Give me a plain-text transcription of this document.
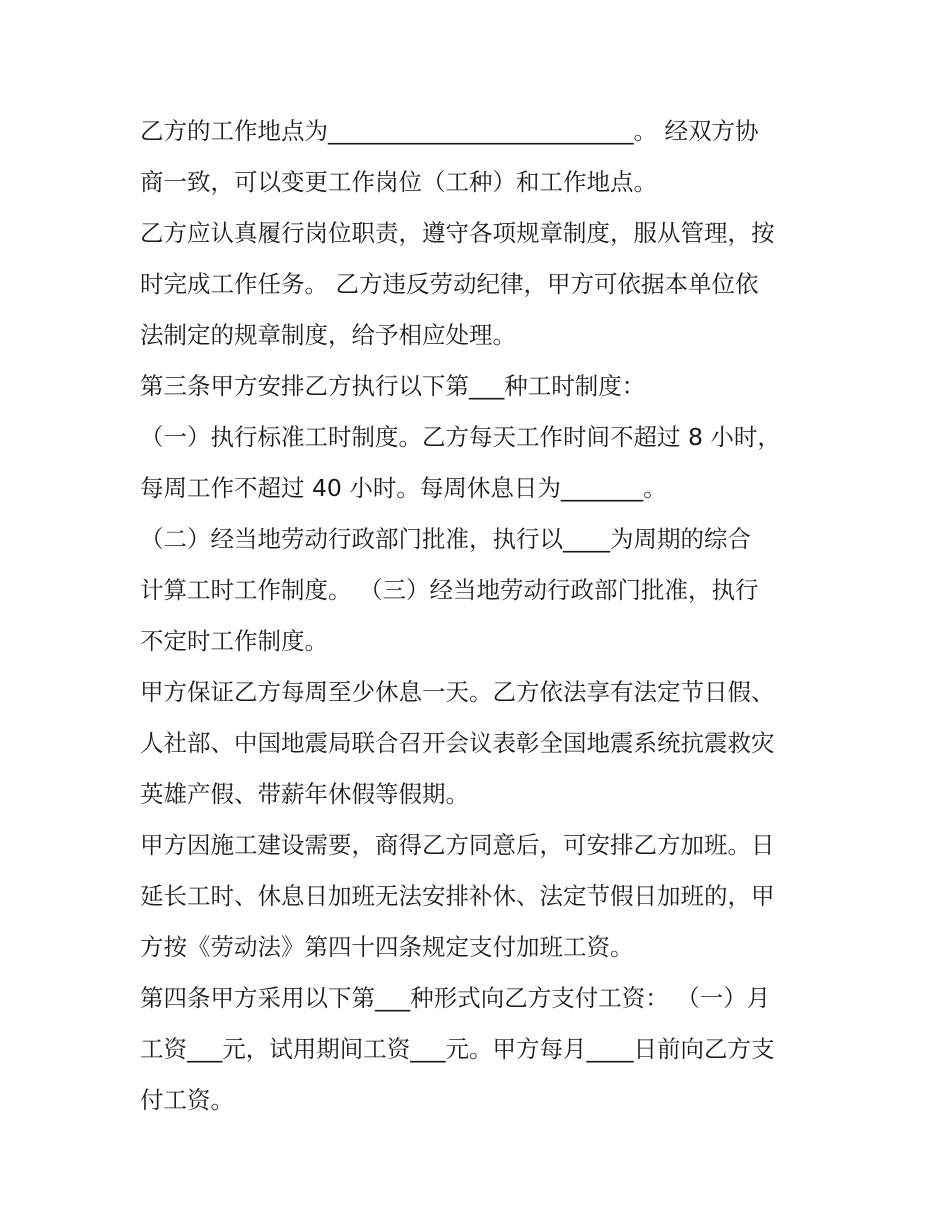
乙方的工作地点为__________________________。 经双方协
商一致，可以变更工作岗位（工种）和工作地点。
乙方应认真履行岗位职责，遵守各项规章制度，服从管理，按
时完成工作任务。 乙方违反劳动纪律，甲方可依据本单位依
法制定的规章制度，给予相应处理。
第三条甲方安排乙方执行以下第___种工时制度：
（一）执行标准工时制度。乙方每天工作时间不超过 8 小时，
每周工作不超过 40 小时。每周休息日为_______。
（二）经当地劳动行政部门批准，执行以____为周期的综合
计算工时工作制度。 （三）经当地劳动行政部门批准，执行
不定时工作制度。
甲方保证乙方每周至少休息一天。乙方依法享有法定节日假、
人社部、中国地震局联合召开会议表彰全国地震系统抗震救灾
英雄产假、带薪年休假等假期。
甲方因施工建设需要，商得乙方同意后，可安排乙方加班。日
延长工时、休息日加班无法安排补休、法定节假日加班的，甲
方按《劳动法》第四十四条规定支付加班工资。
第四条甲方采用以下第___种形式向乙方支付工资： （一）月
工资___元，试用期间工资___元。甲方每月____日前向乙方支
付工资。
